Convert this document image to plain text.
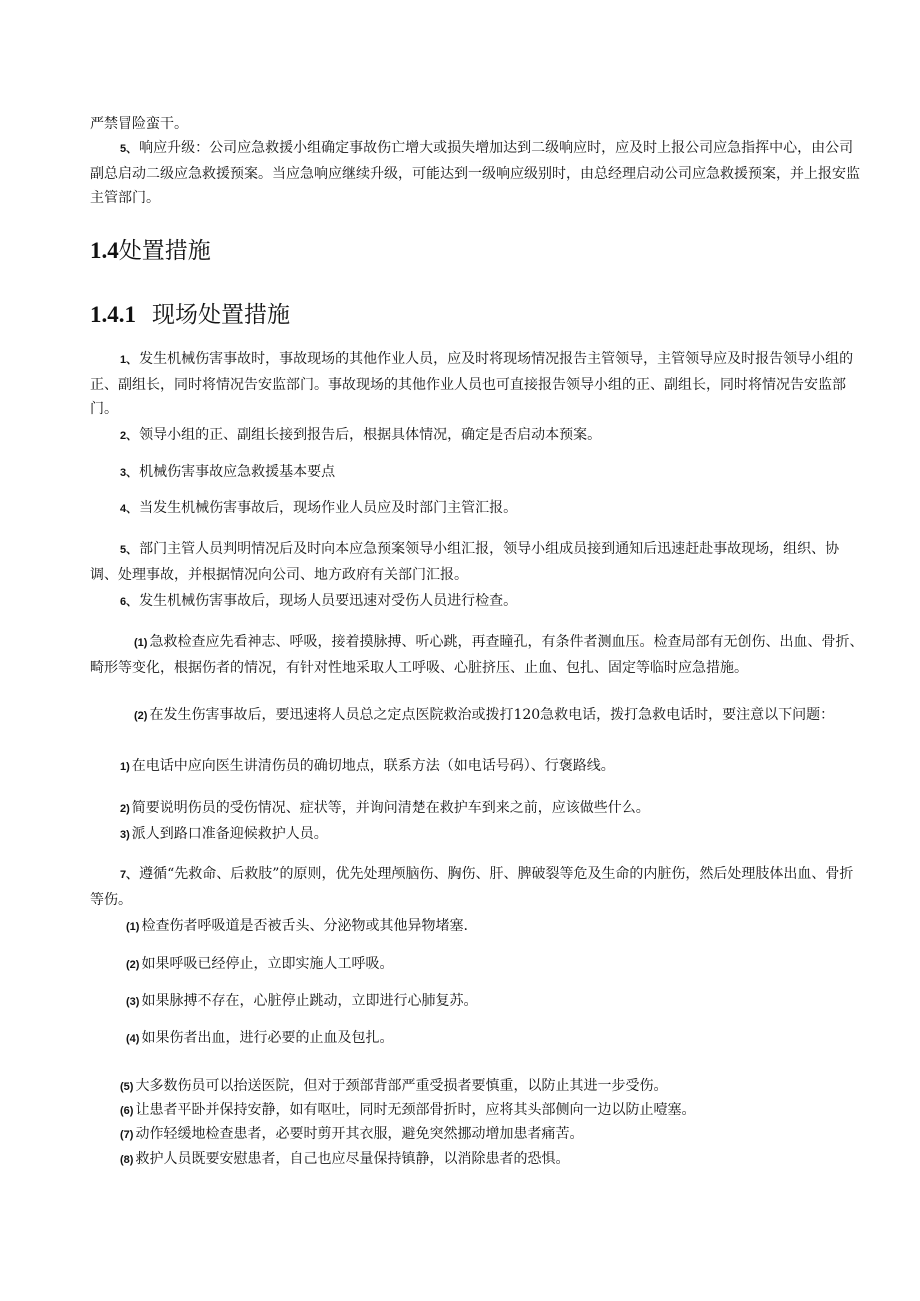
严禁冒险蛮干。

5、 响应升级：公司应急救援小组确定事故伤亡增大或损失增加达到二级响应时，应及时上报公司应急指挥中心，由公司副总启动二级应急救援预案。当应急响应继续升级，可能达到一级响应级别时，由总经理启动公司应急救援预案，并上报安监主管部门。

1.4处置措施
1.4.1 现场处置措施

1、 发生机械伤害事故时，事故现场的其他作业人员，应及时将现场情况报告主管领导，主管领导应及时报告领导小组的正、副组长，同时将情况告安监部门。事故现场的其他作业人员也可直接报告领导小组的正、副组长，同时将情况告安监部门。

2、 领导小组的正、副组长接到报告后，根据具体情况，确定是否启动本预案。

3、 机械伤害事故应急救援基本要点

4、 当发生机械伤害事故后，现场作业人员应及时部门主管汇报。

5、 部门主管人员判明情况后及时向本应急预案领导小组汇报，领导小组成员接到通知后迅速赶赴事故现场，组织、协调、处理事故，并根据情况向公司、地方政府有关部门汇报。

6、 发生机械伤害事故后，现场人员要迅速对受伤人员进行检查。

(1) 急救检查应先看神志、呼吸，接着摸脉搏、听心跳，再查瞳孔，有条件者测血压。检查局部有无创伤、出血、骨折、畸形等变化，根据伤者的情况，有针对性地采取人工呼吸、心脏挤压、止血、包扎、固定等临时应急措施。

(2) 在发生伤害事故后，要迅速将人员总之定点医院救治或拨打120急救电话，拨打急救电话时，要注意以下问题：

1) 在电话中应向医生讲清伤员的确切地点，联系方法（如电话号码）、行褒路线。

2) 简要说明伤员的受伤情况、症状等，并询问清楚在救护车到来之前，应该做些什么。

3) 派人到路口准备迎候救护人员。

7、 遵循“先救命、后救肢”的原则，优先处理颅脑伤、胸伤、肝、脾破裂等危及生命的内脏伤，然后处理肢体出血、骨折等伤。

(1) 检查伤者呼吸道是否被舌头、分泌物或其他异物堵塞.

(2) 如果呼吸已经停止，立即实施人工呼吸。

(3) 如果脉搏不存在，心脏停止跳动，立即进行心肺复苏。

(4) 如果伤者出血，进行必要的止血及包扎。

(5) 大多数伤员可以抬送医院，但对于颈部背部严重受损者要慎重，以防止其进一步受伤。

(6) 让患者平卧并保持安静，如有呕吐，同时无颈部骨折时，应将其头部侧向一边以防止噎塞。

(7) 动作轻缓地检查患者，必要时剪开其衣服，避免突然挪动增加患者痛苦。

(8) 救护人员既要安慰患者，自己也应尽量保持镇静，以消除患者的恐惧。
